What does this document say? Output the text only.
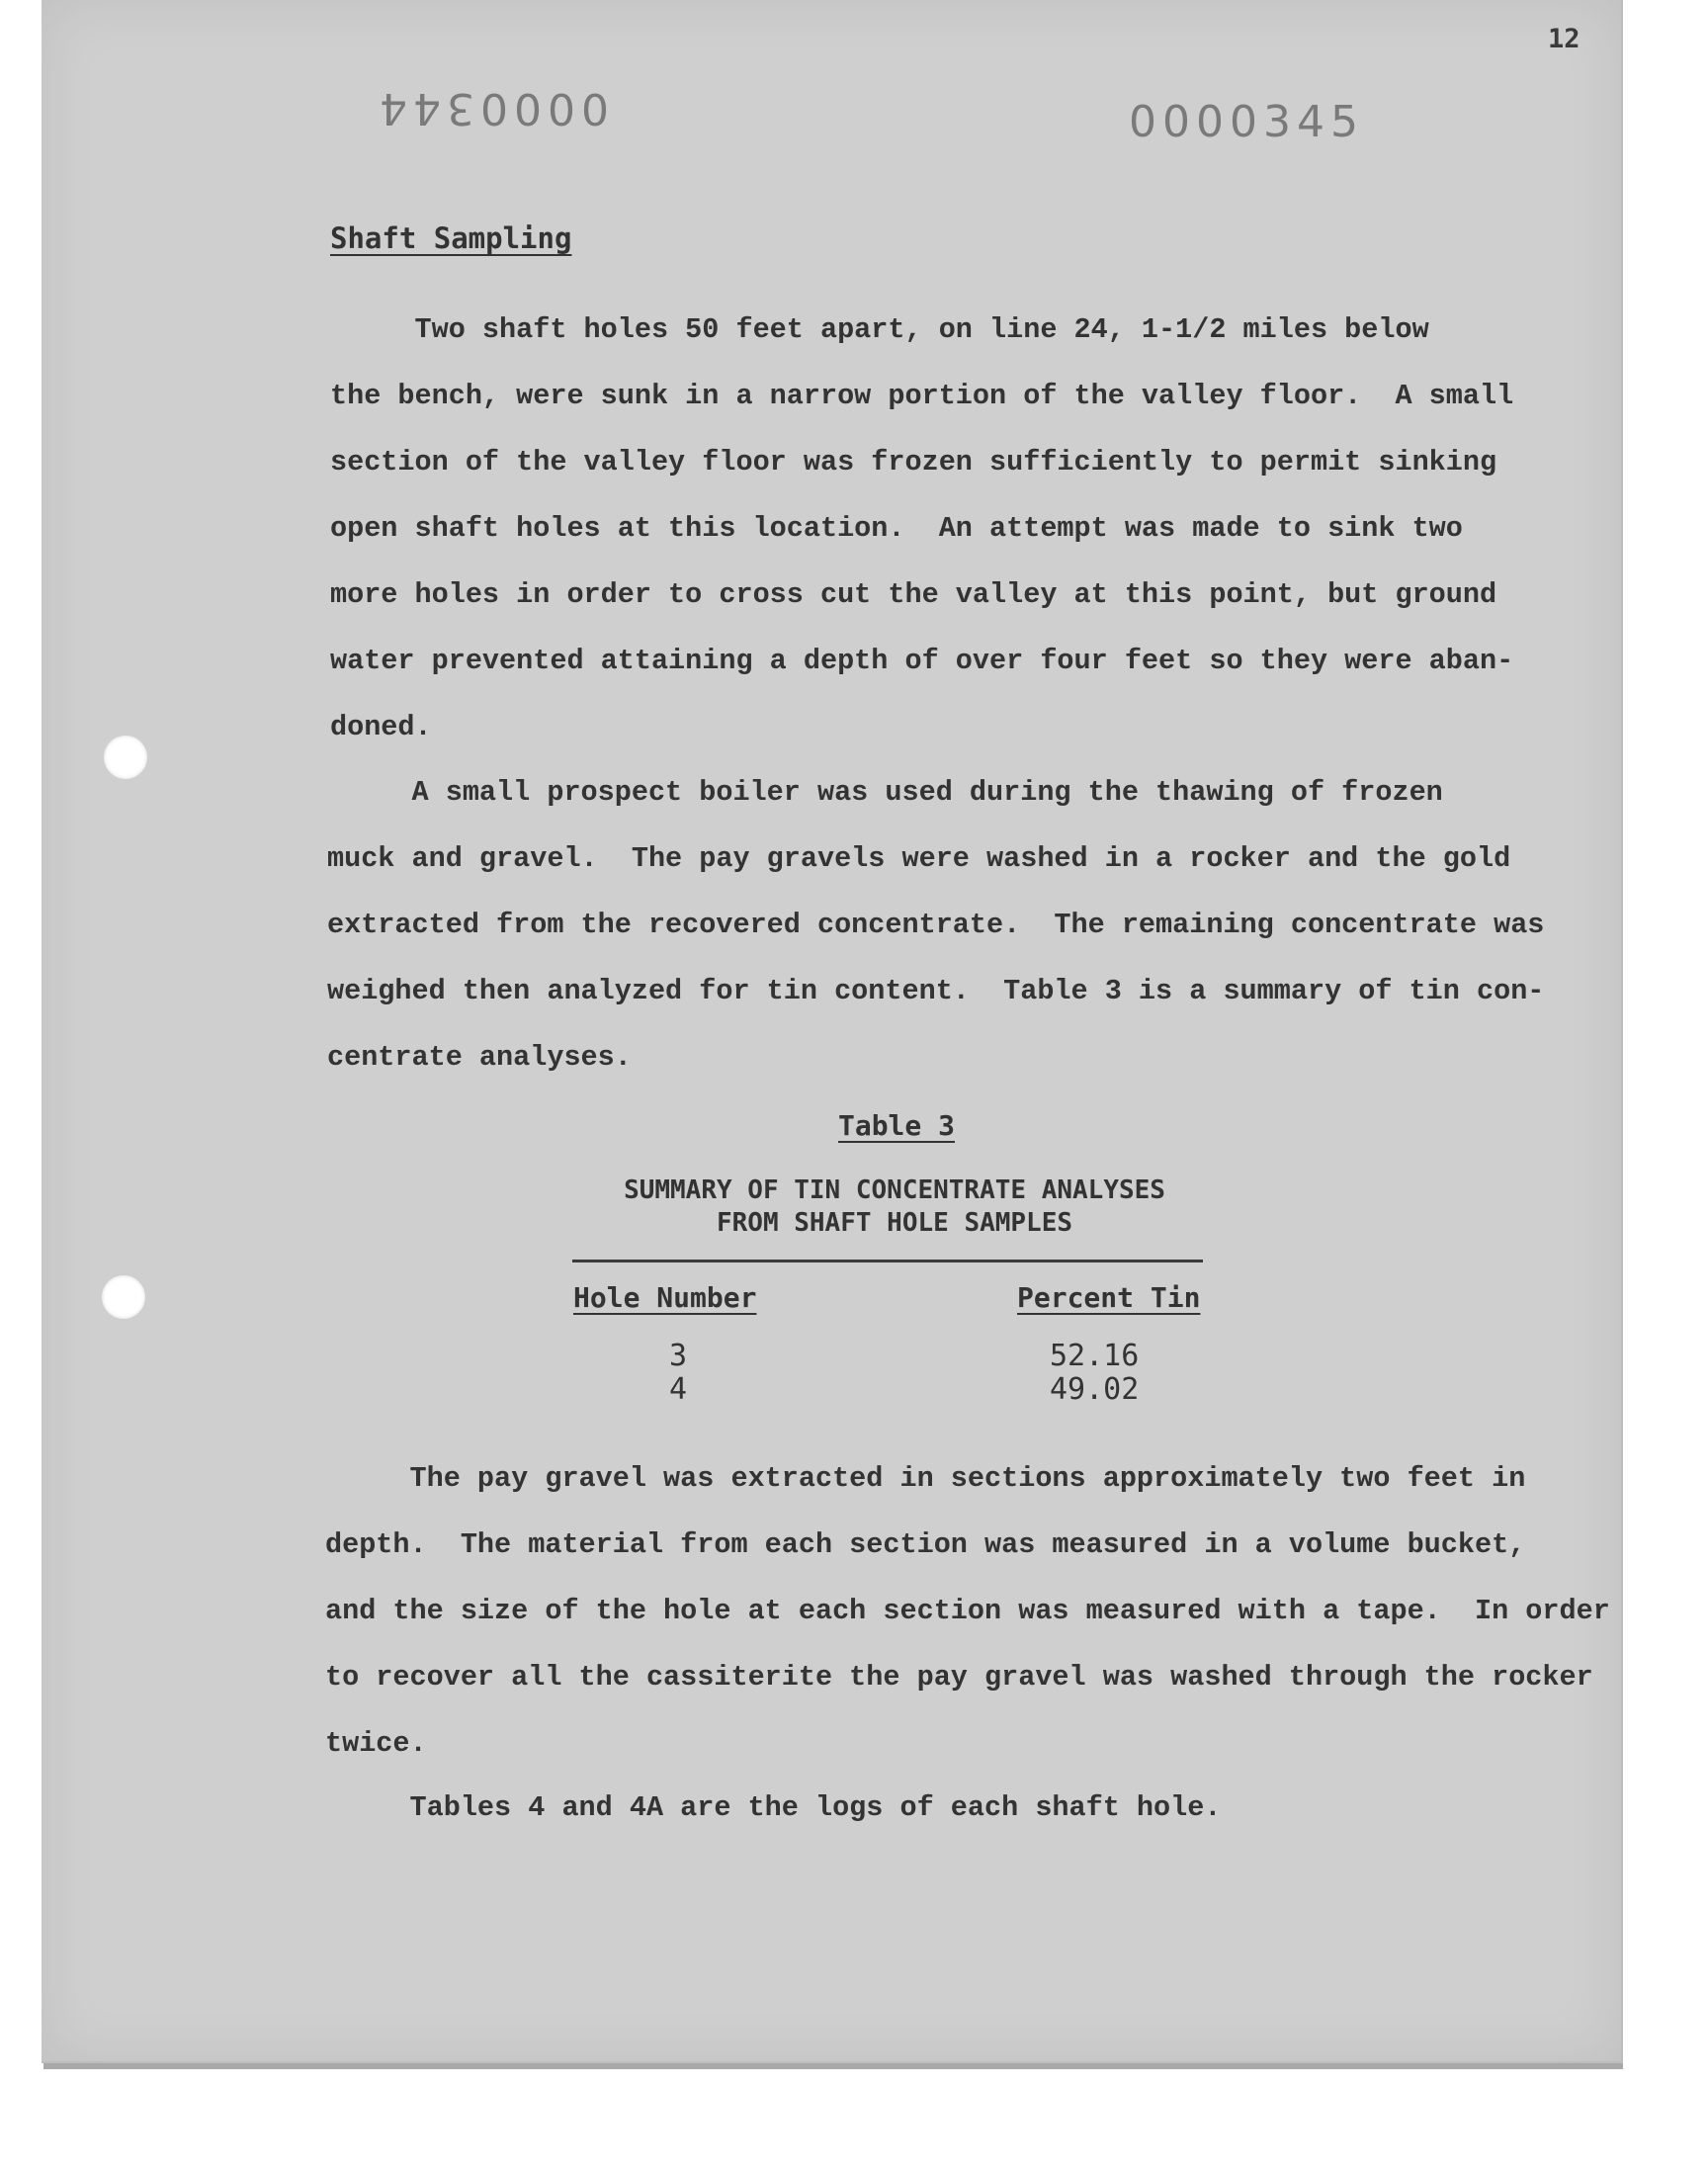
12
0000344	0000345
Shaft Sampling
Two shaft holes 50 feet apart, on line 24, 1-1/2 miles below
the bench, were sunk in a narrow portion of the valley floor.  A small
section of the valley floor was frozen sufficiently to permit sinking
open shaft holes at this location.  An attempt was made to sink two
more holes in order to cross cut the valley at this point, but ground
water prevented attaining a depth of over four feet so they were aban-
doned.
A small prospect boiler was used during the thawing of frozen
muck and gravel.  The pay gravels were washed in a rocker and the gold
extracted from the recovered concentrate.  The remaining concentrate was
weighed then analyzed for tin content.  Table 3 is a summary of tin con-
centrate analyses.
Table 3
SUMMARY OF TIN CONCENTRATE ANALYSES
FROM SHAFT HOLE SAMPLES
Hole Number	Percent Tin
3	52.16
4	49.02
The pay gravel was extracted in sections approximately two feet in
depth.  The material from each section was measured in a volume bucket,
and the size of the hole at each section was measured with a tape.  In order
to recover all the cassiterite the pay gravel was washed through the rocker
twice.
Tables 4 and 4A are the logs of each shaft hole.
